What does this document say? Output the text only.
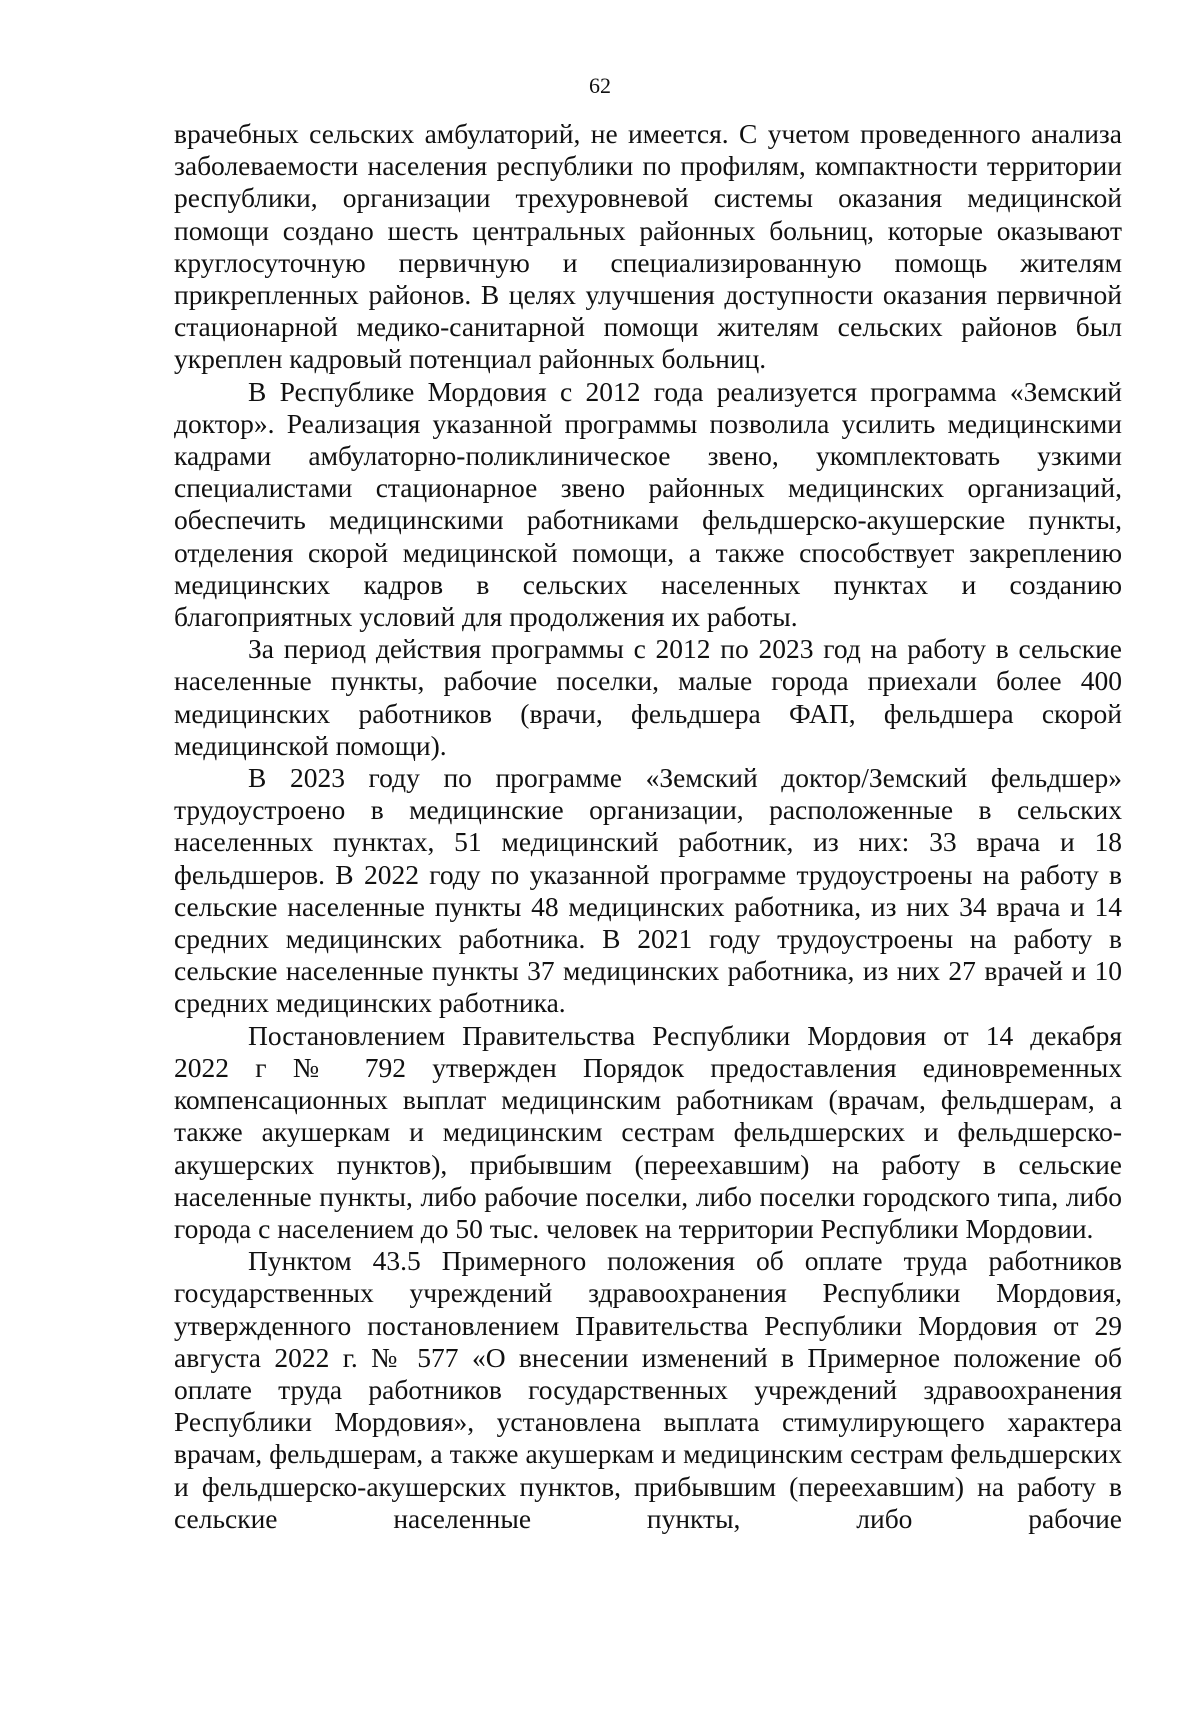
62

врачебных сельских амбулаторий, не имеется. С учетом проведенного анализа заболеваемости населения республики по профилям, компактности территории республики, организации трехуровневой системы оказания медицинской помощи создано шесть центральных районных больниц, которые оказывают круглосуточную первичную и специализированную помощь жителям прикрепленных районов. В целях улучшения доступности оказания первичной стационарной медико-санитарной помощи жителям сельских районов был укреплен кадровый потенциал районных больниц.

В Республике Мордовия с 2012 года реализуется программа «Земский доктор». Реализация указанной программы позволила усилить медицинскими кадрами амбулаторно-поликлиническое звено, укомплектовать узкими специалистами стационарное звено районных медицинских организаций, обеспечить медицинскими работниками фельдшерско-акушерские пункты, отделения скорой медицинской помощи, а также способствует закреплению медицинских кадров в сельских населенных пунктах и созданию благоприятных условий для продолжения их работы.

За период действия программы с 2012 по 2023 год на работу в сельские населенные пункты, рабочие поселки, малые города приехали более 400 медицинских работников (врачи, фельдшера ФАП, фельдшера скорой медицинской помощи).

В 2023 году по программе «Земский доктор/Земский фельдшер» трудоустроено в медицинские организации, расположенные в сельских населенных пунктах, 51 медицинский работник, из них: 33 врача и 18 фельдшеров. В 2022 году по указанной программе трудоустроены на работу в сельские населенные пункты 48 медицинских работника, из них 34 врача и 14 средних медицинских работника. В 2021 году трудоустроены на работу в сельские населенные пункты 37 медицинских работника, из них 27 врачей и 10 средних медицинских работника.

Постановлением Правительства Республики Мордовия от 14 декабря 2022 г № 792 утвержден Порядок предоставления единовременных компенсационных выплат медицинским работникам (врачам, фельдшерам, а также акушеркам и медицинским сестрам фельдшерских и фельдшерско-акушерских пунктов), прибывшим (переехавшим) на работу в сельские населенные пункты, либо рабочие поселки, либо поселки городского типа, либо города с населением до 50 тыс. человек на территории Республики Мордовии.

Пунктом 43.5 Примерного положения об оплате труда работников государственных учреждений здравоохранения Республики Мордовия, утвержденного постановлением Правительства Республики Мордовия от 29 августа 2022 г. № 577 «О внесении изменений в Примерное положение об оплате труда работников государственных учреждений здравоохранения Республики Мордовия», установлена выплата стимулирующего характера врачам, фельдшерам, а также акушеркам и медицинским сестрам фельдшерских и фельдшерско-акушерских пунктов, прибывшим (переехавшим) на работу в сельские населенные пункты, либо рабочие
